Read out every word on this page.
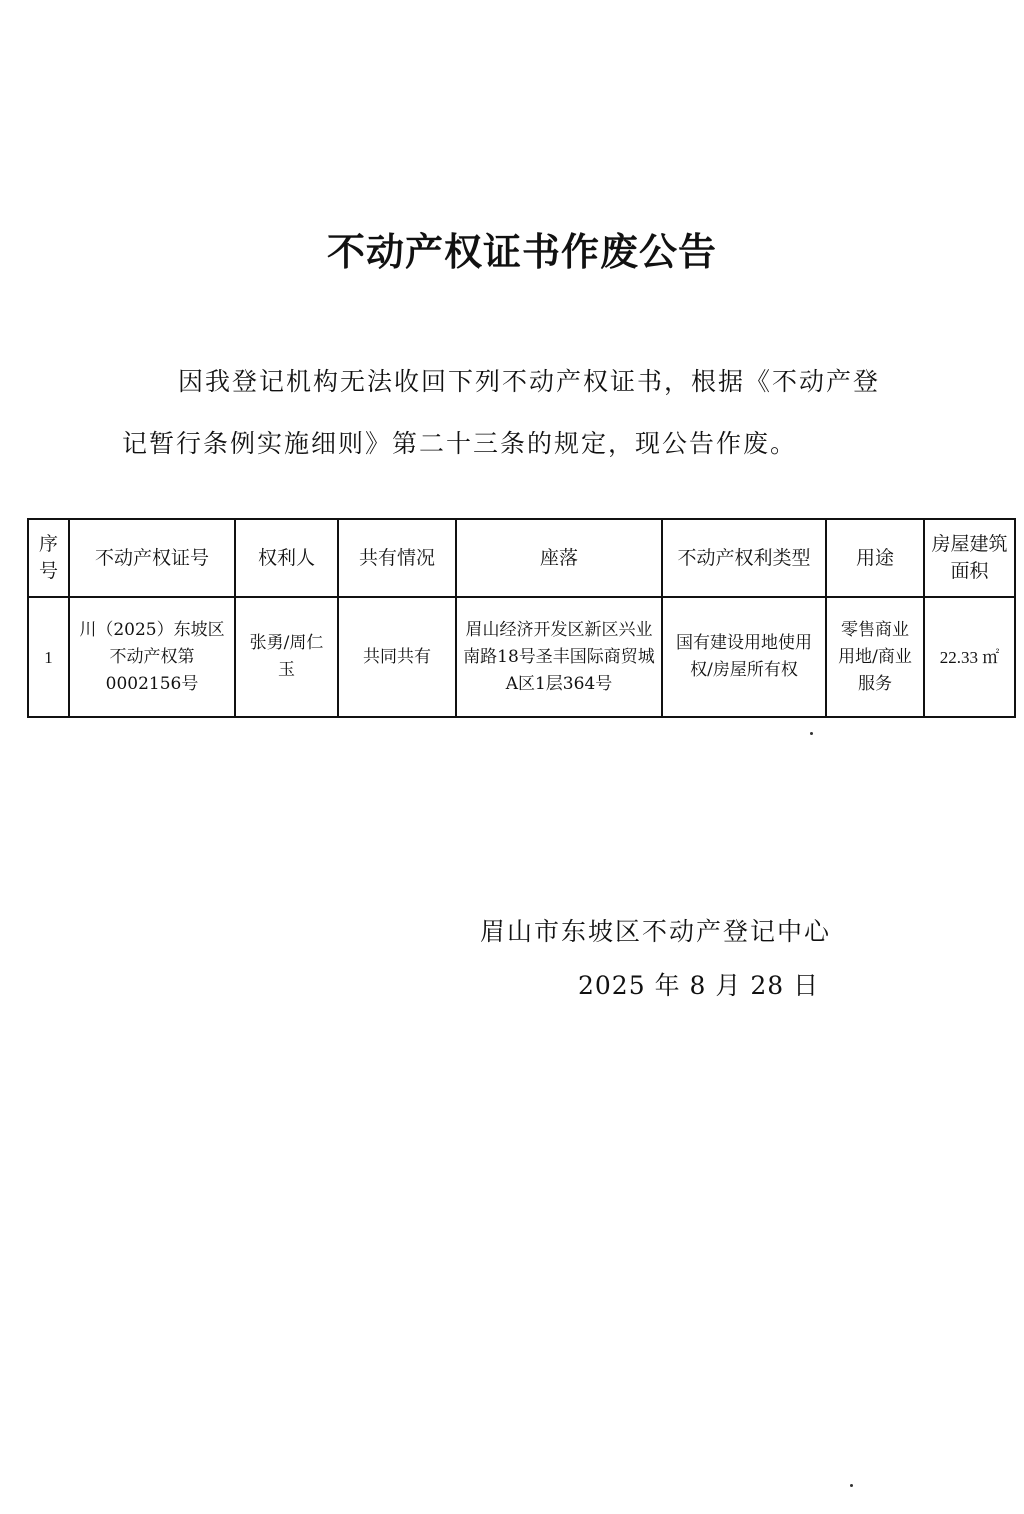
不动产权证书作废公告
因我登记机构无法收回下列不动产权证书，根据《不动产登
记暂行条例实施细则》第二十三条的规定，现公告作废。
序号	不动产权证号	权利人	共有情况	座落	不动产权利类型	用途	房屋建筑面积
1	川（2025）东坡区不动产权第0002156号	张勇/周仁玉	共同共有	眉山经济开发区新区兴业南路18号圣丰国际商贸城A区1层364号	国有建设用地使用权/房屋所有权	零售商业用地/商业服务	22.33 ㎡
眉山市东坡区不动产登记中心
2025 年 8 月 28 日
